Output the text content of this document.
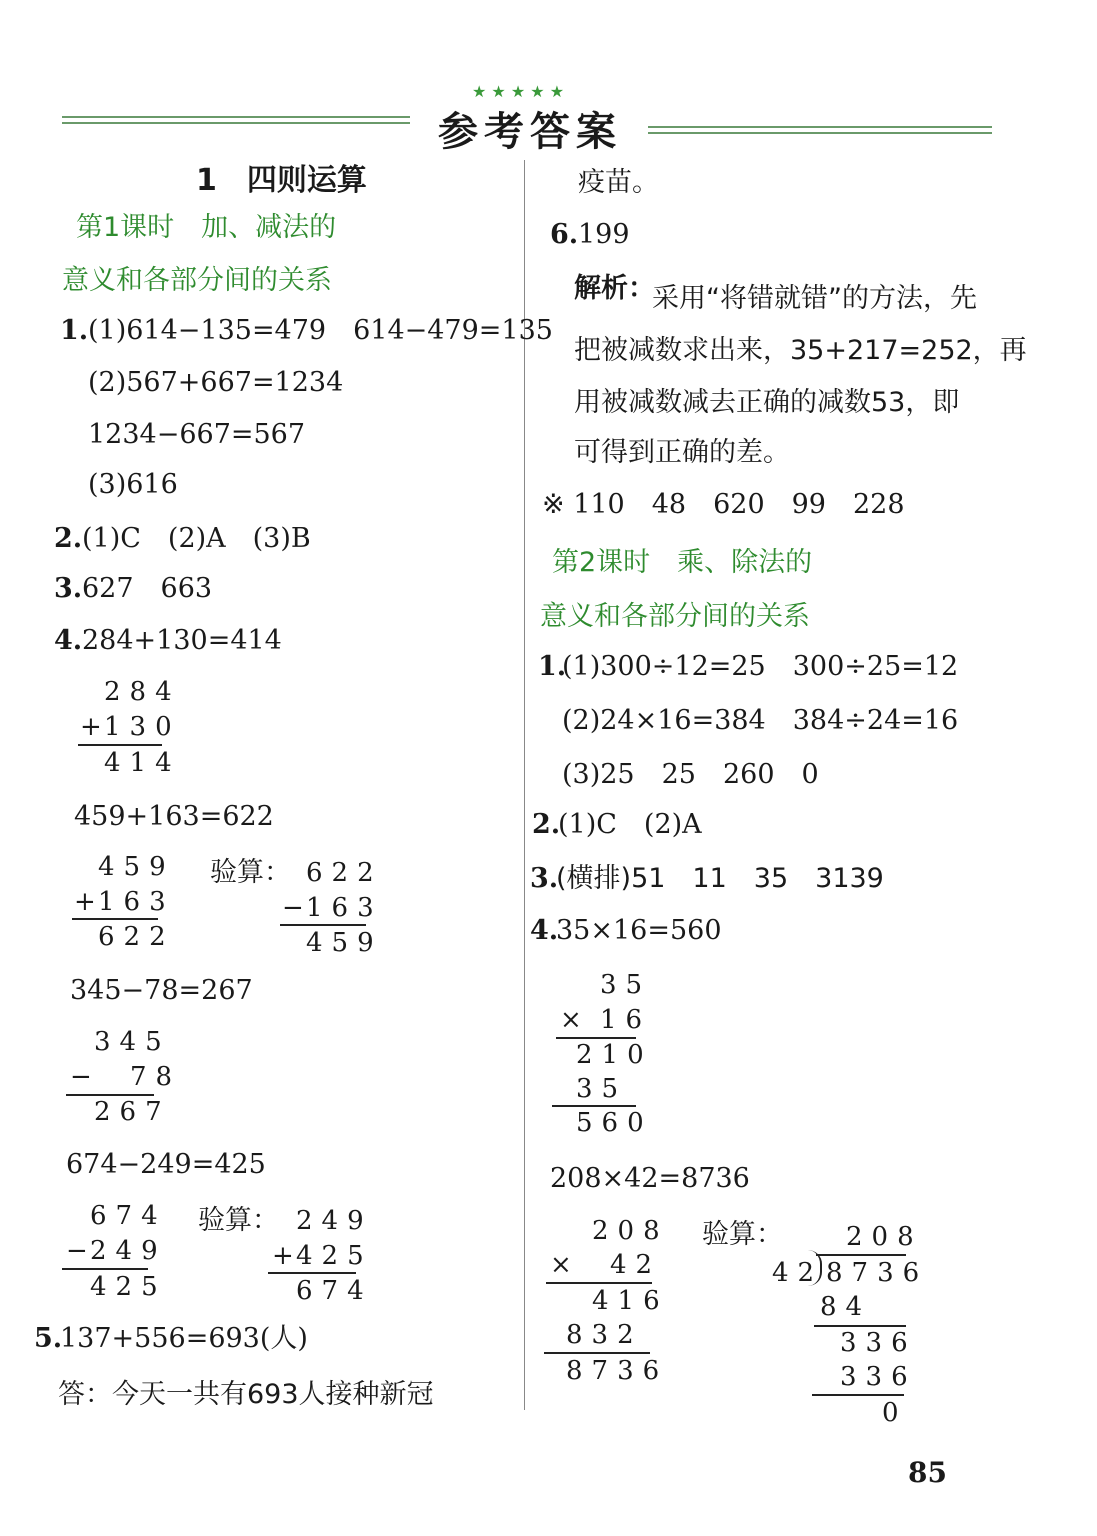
★ ★ ★ ★ ★
参考答案
1　四则运算
第1课时　加、减法的
意义和各部分间的关系
1. (1)614−135=479　614−479=135
(2)567+667=1234
1234−667=567
(3)616
2. (1)C　(2)A　(3)B
3. 627　663
4. 284+130=414
284
+
130
414
459+163=622
459
+
163
622
验算： 622
−
163
459
345−78=267
345
− 78
267
674−249=425
674
−
249
425
验算： 249
+
425
674
5.
137+556=693(人)
答：今天一共有693人接种新冠
疫苗。
6. 199
解析：
采用“将错就错”的方法，先
把被减数求出来，35+217=252，再
用被减数减去正确的减数53，即
可得到正确的差。
※ 110　48　620　99　228
第2课时　乘、除法的
意义和各部分间的关系
1.
(1)300÷12=25　300÷25=12
(2)24×16=384　384÷24=16
(3)25　25　260　0
2.
(1)C　(2)A
3.
(横排)51　11　35　3139
4.
35×16=560
35
× 16
210
35
560
208×42=8736
208
× 42
416
832
8736
验算： 208
42 8736
84
336
336
0
85
